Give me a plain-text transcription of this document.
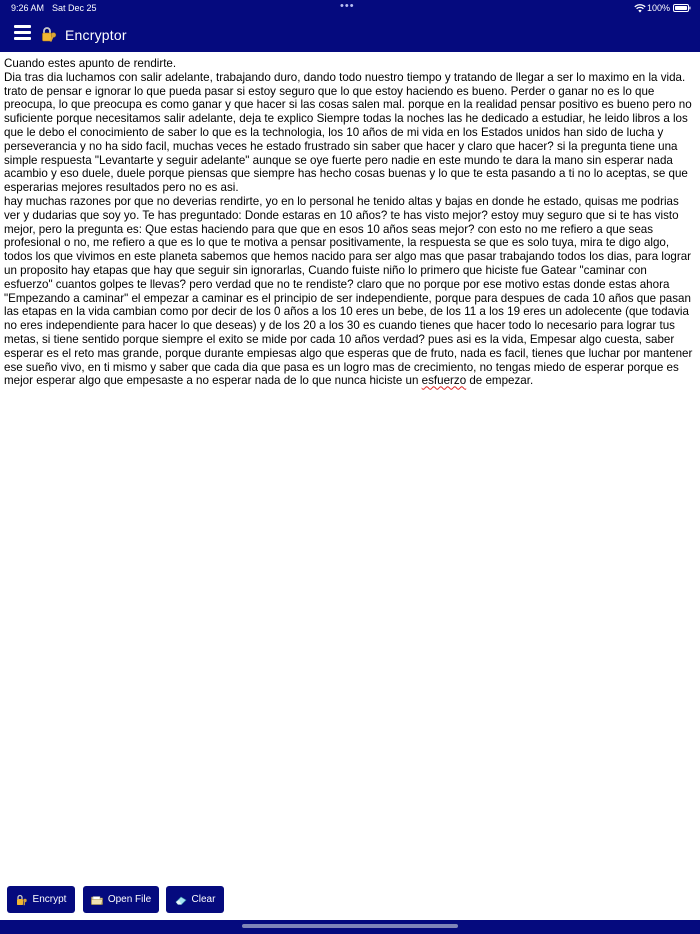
9:26 AM Sat Dec 25	•••	100%
Encryptor

Cuando estes apunto de rendirte.

Dia tras dia luchamos con salir adelante, trabajando duro, dando todo nuestro tiempo y tratando de llegar a ser lo maximo en la vida. trato de pensar e ignorar lo que pueda pasar si estoy seguro que lo que estoy haciendo es bueno. Perder o ganar no es lo que preocupa, lo que preocupa es como ganar y que hacer si las cosas salen mal. porque en la realidad pensar positivo es bueno pero no suficiente porque necesitamos salir adelante, deja te explico Siempre todas la noches las he dedicado a estudiar, he leido libros a los que le debo el conocimiento de saber lo que es la technologia, los 10 años de mi vida en los Estados unidos han sido de lucha y perseverancia y no ha sido facil, muchas veces he estado frustrado sin saber que hacer y claro que hacer? si la pregunta tiene una simple respuesta "Levantarte y seguir adelante" aunque se oye fuerte pero nadie en este mundo te dara la mano sin esperar nada acambio y eso duele, duele porque piensas que siempre has hecho cosas buenas y lo que te esta pasando a ti no lo aceptas, se que esperarias mejores resultados pero no es asi.

hay muchas razones por que no deverias rendirte, yo en lo personal he tenido altas y bajas en donde he estado, quisas me podrias ver y dudarias que soy yo. Te has preguntado: Donde estaras en 10 años? te has visto mejor? estoy muy seguro que si te has visto mejor, pero la pregunta es: Que estas haciendo para que que en esos 10 años seas mejor? con esto no me refiero a que seas profesional o no, me refiero a que es lo que te motiva a pensar positivamente, la respuesta se que es solo tuya, mira te digo algo, todos los que vivimos en este planeta sabemos que hemos nacido para ser algo mas que pasar trabajando todos los dias, para lograr un proposito hay etapas que hay que seguir sin ignorarlas, Cuando fuiste niño lo primero que hiciste fue Gatear "caminar con esfuerzo" cuantos golpes te llevas? pero verdad que no te rendiste? claro que no porque por ese motivo estas donde estas ahora "Empezando a caminar" el empezar a caminar es el principio de ser independiente, porque para despues de cada 10 años que pasan las etapas en la vida cambian como por decir de los 0 años a los 10 eres un bebe, de los 11 a los 19 eres un adolecente (que todavia no eres independiente para hacer lo que deseas) y de los 20 a los 30 es cuando tienes que hacer todo lo necesario para lograr tus metas, si tiene sentido porque siempre el exito se mide por cada 10 años verdad? pues asi es la vida, Empesar algo cuesta, saber esperar es el reto mas grande, porque durante empiesas algo que esperas que de fruto, nada es facil, tienes que luchar por mantener ese sueño vivo, en ti mismo y saber que cada dia que pasa es un logro mas de crecimiento, no tengas miedo de esperar porque es mejor esperar algo que empesaste a no esperar nada de lo que nunca hiciste un esfuerzo de empezar.

Encrypt	Open File	Clear
